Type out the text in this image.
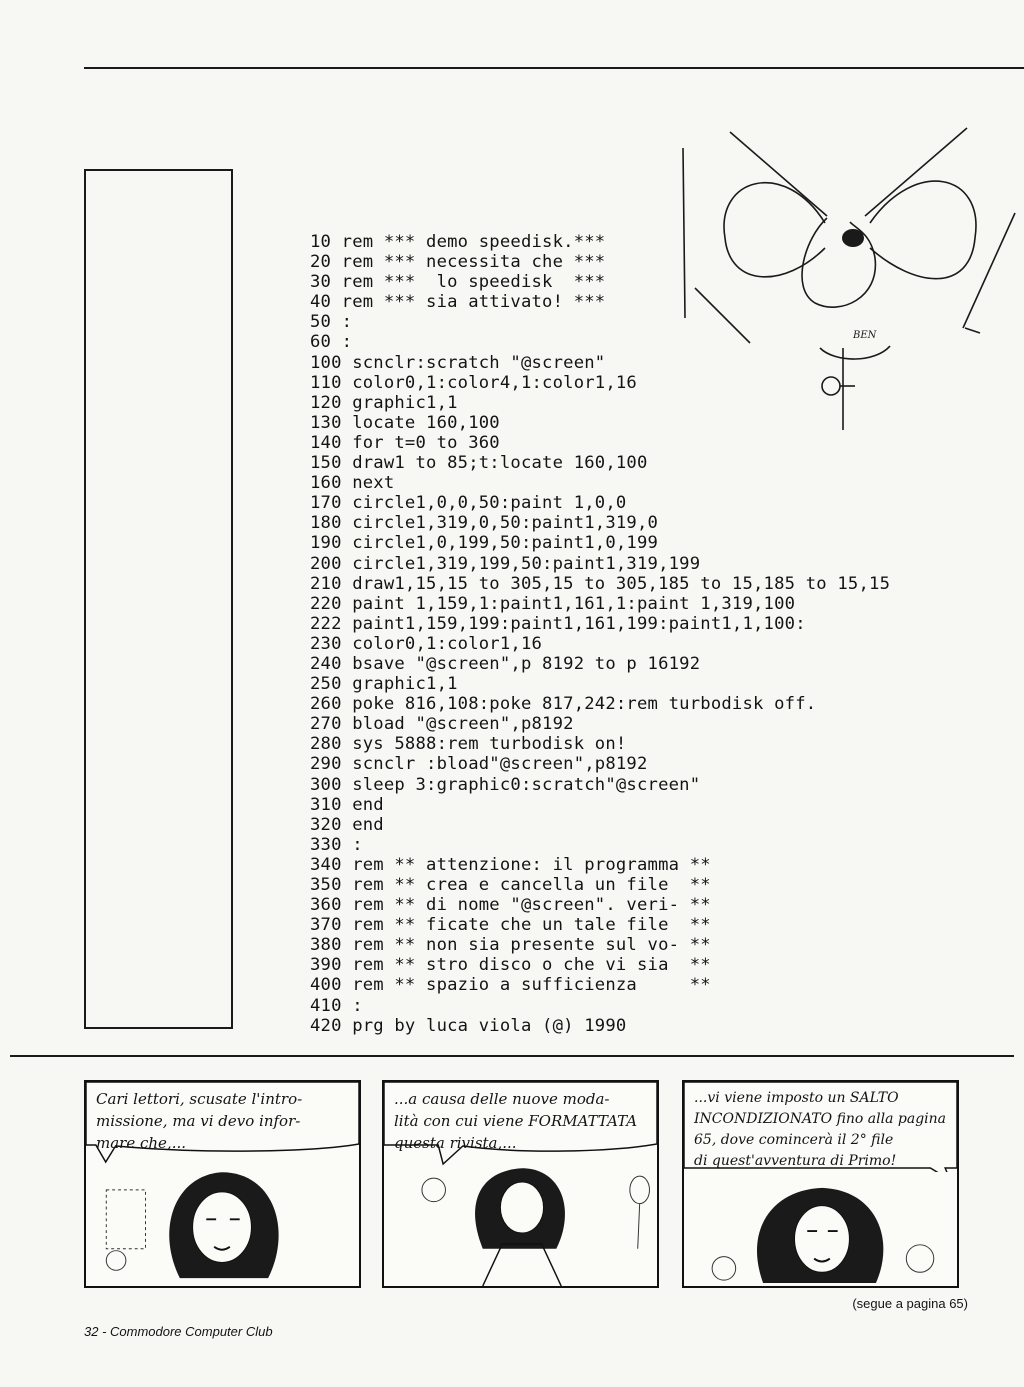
10 rem *** demo speedisk.***
20 rem *** necessita che ***
30 rem ***  lo speedisk  ***
40 rem *** sia attivato! ***
50 :
60 :
100 scnclr:scratch "@screen"
110 color0,1:color4,1:color1,16
120 graphic1,1
130 locate 160,100
140 for t=0 to 360
150 draw1 to 85;t:locate 160,100
160 next
170 circle1,0,0,50:paint 1,0,0
180 circle1,319,0,50:paint1,319,0
190 circle1,0,199,50:paint1,0,199
200 circle1,319,199,50:paint1,319,199
210 draw1,15,15 to 305,15 to 305,185 to 15,185 to 15,15
220 paint 1,159,1:paint1,161,1:paint 1,319,100
222 paint1,159,199:paint1,161,199:paint1,1,100:
230 color0,1:color1,16
240 bsave "@screen",p 8192 to p 16192
250 graphic1,1
260 poke 816,108:poke 817,242:rem turbodisk off.
270 bload "@screen",p8192
280 sys 5888:rem turbodisk on!
290 scnclr :bload"@screen",p8192
300 sleep 3:graphic0:scratch"@screen"
310 end
320 end
330 :
340 rem ** attenzione: il programma **
350 rem ** crea e cancella un file  **
360 rem ** di nome "@screen". veri- **
370 rem ** ficate che un tale file  **
380 rem ** non sia presente sul vo- **
390 rem ** stro disco o che vi sia  **
400 rem ** spazio a sufficienza     **
410 :
420 prg by luca viola (@) 1990
BEN
Cari lettori, scusate l'intro-
missione, ma vi devo infor-
mare che,...
...a causa delle nuove moda-
lità con cui viene FORMATTATA
questa rivista,...
...vi viene imposto un SALTO
INCONDIZIONATO fino alla pagina
65, dove comincerà il 2° file
di quest'avventura di Primo!
(segue a pagina 65)
32 - Commodore Computer Club
